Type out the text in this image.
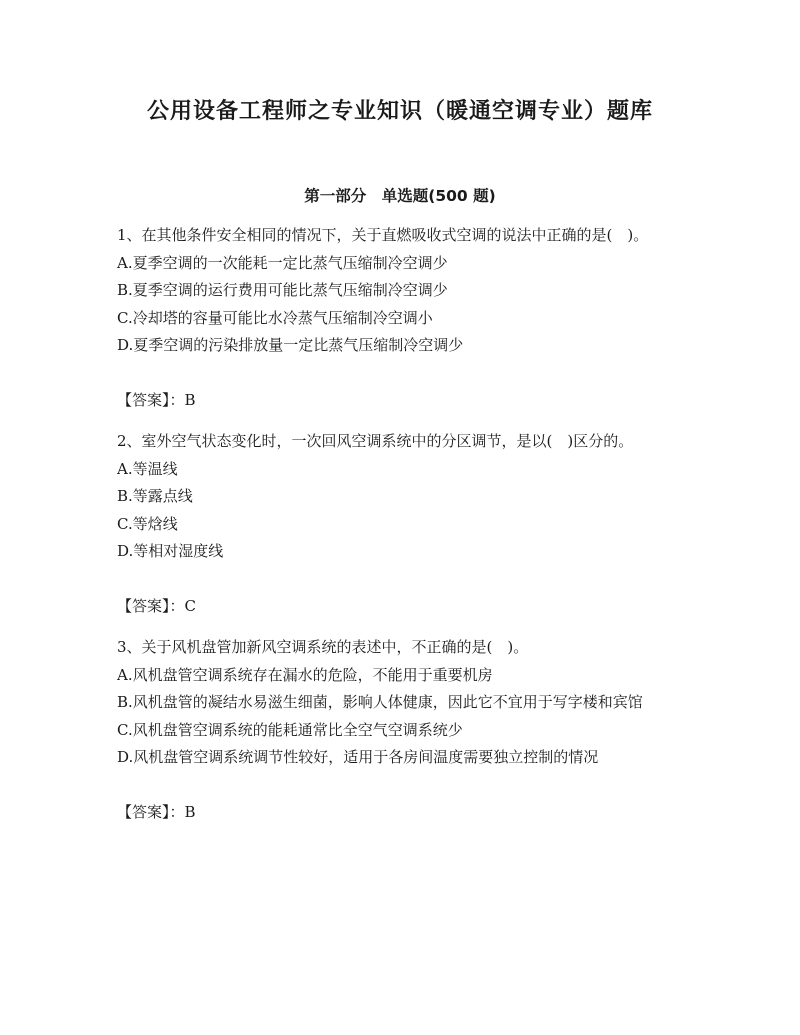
公用设备工程师之专业知识（暖通空调专业）题库
第一部分　单选题(500 题)

1、在其他条件安全相同的情况下，关于直燃吸收式空调的说法中正确的是(　)。

A.夏季空调的一次能耗一定比蒸气压缩制冷空调少

B.夏季空调的运行费用可能比蒸气压缩制冷空调少

C.冷却塔的容量可能比水冷蒸气压缩制冷空调小

D.夏季空调的污染排放量一定比蒸气压缩制冷空调少

【答案】：B

2、室外空气状态变化时，一次回风空调系统中的分区调节，是以(　)区分的。

A.等温线

B.等露点线

C.等焓线

D.等相对湿度线

【答案】：C

3、关于风机盘管加新风空调系统的表述中，不正确的是(　)。

A.风机盘管空调系统存在漏水的危险，不能用于重要机房

B.风机盘管的凝结水易滋生细菌，影响人体健康，因此它不宜用于写字楼和宾馆

C.风机盘管空调系统的能耗通常比全空气空调系统少

D.风机盘管空调系统调节性较好，适用于各房间温度需要独立控制的情况

【答案】：B
